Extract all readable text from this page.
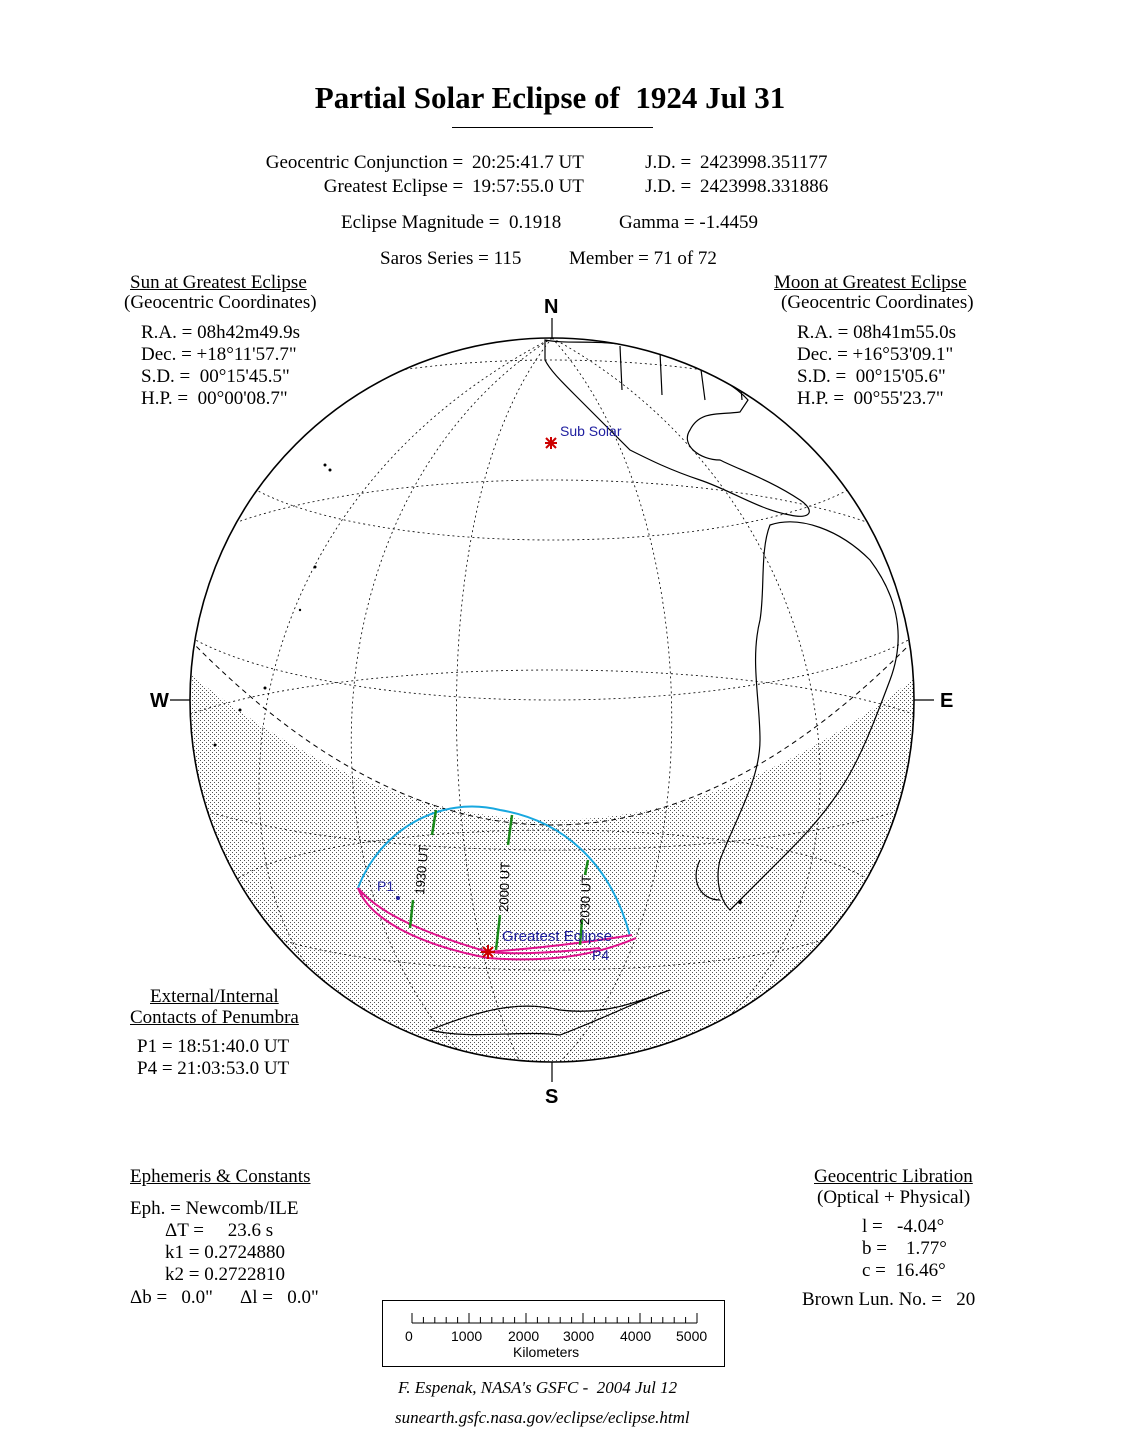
Partial Solar Eclipse of  1924 Jul 31
Geocentric Conjunction = 20:25:41.7 UT	J.D. = 2423998.351177
Greatest Eclipse = 19:57:55.0 UT	J.D. = 2423998.331886
Eclipse Magnitude =  0.1918	Gamma = -1.4459
Saros Series = 115	Member = 71 of 72
Sun at Greatest Eclipse
(Geocentric Coordinates)
R.A. = 08h42m49.9s
Dec. = +18°11'57.7"
S.D. =  00°15'45.5"
H.P. =  00°00'08.7"
Moon at Greatest Eclipse
(Geocentric Coordinates)
R.A. = 08h41m55.0s
Dec. = +16°53'09.1"
S.D. =  00°15'05.6"
H.P. =  00°55'23.7"
Sub Solar
Greatest Eclipse
P1
P4
1930 UT	2000 UT	2030 UT
N
S
W	E
External/Internal
Contacts of Penumbra
P1 = 18:51:40.0 UT
P4 = 21:03:53.0 UT
Ephemeris & Constants
Eph. = Newcomb/ILE
ΔT =     23.6 s
k1 = 0.2724880
k2 = 0.2722810
Δb =   0.0" Δl =   0.0"
Geocentric Libration
(Optical + Physical)
l =   -4.04°
b =    1.77°
c =  16.46°
Brown Lun. No. =   20
0	1000 2000 3000 4000 5000
Kilometers
F. Espenak, NASA's GSFC -  2004 Jul 12
sunearth.gsfc.nasa.gov/eclipse/eclipse.html
